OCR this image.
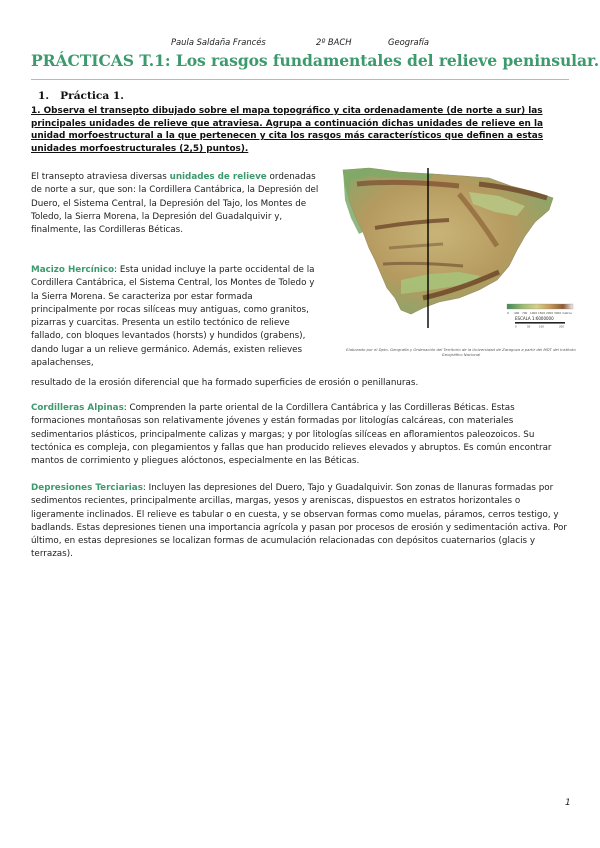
Paula Saldaña Francés	2º BACH	Geografía
PRÁCTICAS T.1: Los rasgos fundamentales del relieve peninsular.
1. Práctica 1.

1. Observa el transepto dibujado sobre el mapa topográfico y cita ordenadamente (de norte a sur) las principales unidades de relieve que atraviesa. Agrupa a continuación dichas unidades de relieve en la unidad morfoestructural a la que pertenecen y cita los rasgos más característicos que definen a estas unidades morfoestructurales (2,5) puntos).

El transepto atraviesa diversas unidades de relieve ordenadas de norte a sur, que son: la Cordillera Cantábrica, la Depresión del Duero, el Sistema Central, la Depresión del Tajo, los Montes de Toledo, la Sierra Morena, la Depresión del Guadalquivir y, finalmente, las Cordilleras Béticas.

Macizo Hercínico: Esta unidad incluye la parte occidental de la Cordillera Cantábrica, el Sistema Central, los Montes de Toledo y la Sierra Morena. Se caracteriza por estar formada principalmente por rocas silíceas muy antiguas, como granitos, pizarras y cuarcitas. Presenta un estilo tectónico de relieve fallado, con bloques levantados (horsts) y hundidos (grabens), dando lugar a un relieve germánico. Además, existen relieves apalachenses,

resultado de la erosión diferencial que ha formado superficies de erosión o penillanuras.

Cordilleras Alpinas: Comprenden la parte oriental de la Cordillera Cantábrica y las Cordilleras Béticas. Estas formaciones montañosas son relativamente jóvenes y están formadas por litologías calcáreas, con materiales sedimentarios plásticos, principalmente calizas y margas; y por litologías silíceas en afloramientos paleozoicos. Su tectónica es compleja, con plegamientos y fallas que han producido relieves elevados y abruptos. Es común encontrar mantos de corrimiento y pliegues alóctonos, especialmente en las Béticas.

Depresiones Terciarias: Incluyen las depresiones del Duero, Tajo y Guadalquivir. Son zonas de llanuras formadas por sedimentos recientes, principalmente arcillas, margas, yesos y areniscas, dispuestos en estratos horizontales o ligeramente inclinados. El relieve es tabular o en cuesta, y se observan formas como muelas, páramos, cerros testigo, y badlands. Estas depresiones tienen una importancia agrícola y pasan por procesos de erosión y sedimentación activa. Por último, en estas depresiones se localizan formas de acumulación relacionadas con depósitos cuaternarios (glacis y terrazas).

0 400 700 1000 1500 2000 3000 metros
ESCALA 1:6000000
0	50	100	200

Elaborado por el Dpto. Geografía y Ordenación del Territorio de la Universidad de Zaragoza a partir del MDT del Instituto Geográfico Nacional

1
